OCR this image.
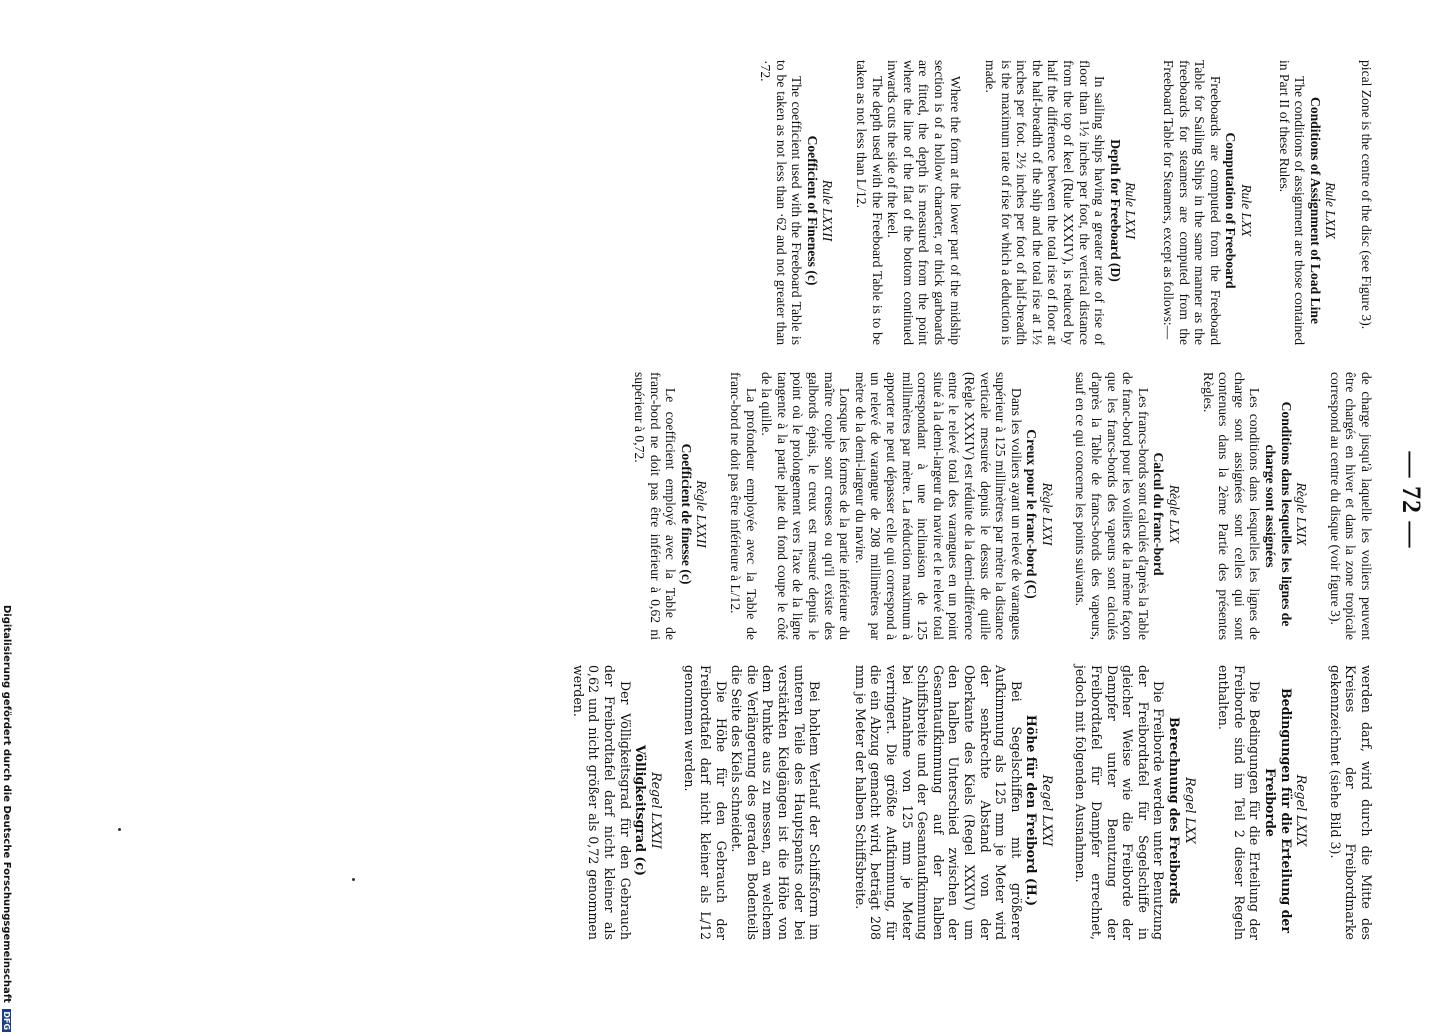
— 72 —

pical Zone is the centre of the disc (see Figure 3).

Rule LXIX

Conditions of Assignment of Load Line

The conditions of assignment are those contained in Part II of these Rules.

Rule LXX

Computation of Freeboard

Freeboards are computed from the Freeboard Table for Sailing Ships in the same manner as the freeboards for steamers are computed from the Freeboard Table for Steamers, except as follows:—

Rule LXXI

Depth for Freeboard (D)

In sailing ships having a greater rate of rise of floor than 1½ inches per foot, the vertical distance from the top of keel (Rule XXXIV), is reduced by half the difference between the total rise of floor at the half-breadth of the ship and the total rise at 1½ inches per foot. 2½ inches per foot of half-breadth is the maximum rate of rise for which a deduction is made.

Where the form at the lower part of the midship section is of a hollow character, or thick garboards are fitted, the depth is measured from the point where the line of the flat of the bottom continued inwards cuts the side of the keel.

The depth used with the Freeboard Table is to be taken as not less than L/12.

Rule LXXII

Coefficient of Fineness (c)

The coefficient used with the Freeboard Table is to be taken as not less than ·62 and not greater than ·72.

de charge jusqu'à laquelle les voiliers peuvent être chargés en hiver et dans la zone tropicale correspond au centre du disque (voir figure 3).

Règle LXIX

Conditions dans lesquelles les lignes de charge sont assignées

Les conditions dans lesquelles les lignes de charge sont assignées sont celles qui sont contenues dans la 2ème Partie des présentes Règles.

Règle LXX

Calcul du franc-bord

Les francs-bords sont calculés d'après la Table de franc-bord pour les voiliers de la même façon que les francs-bords des vapeurs sont calculés d'après la Table de francs-bords des vapeurs, sauf en ce qui concerne les points suivants.

Règle LXXI

Creux pour le franc-bord (C)

Dans les voiliers ayant un relevé de varangues supérieur à 125 millimètres par mètre la distance verticale mesurée depuis le dessus de quille (Règle XXXIV) est réduite de la demi-différence entre le relevé total des varangues en un point situé à la demi-largeur du navire et le relevé total correspondant à une inclinaison de 125 millimètres par mètre. La réduction maximum à apporter ne peut dépasser celle qui correspond à un relevé de varangue de 208 millimètres par mètre de la demi-largeur du navire.

Lorsque les formes de la partie inférieure du maître couple sont creuses ou qu'il existe des galbords épais, le creux est mesuré depuis le point où le prolongement vers l'axe de la ligne tangente à la partie plate du fond coupe le côté de la quille.

La profondeur employée avec la Table de franc-bord ne doit pas être inférieure à L/12.

Règle LXXII

Coefficient de finesse (c)

Le coefficient employé avec la Table de franc-bord ne doit pas être inférieur à 0,62 ni supérieur à 0,72.

werden darf, wird durch die Mitte des Kreises der Freibordmarke gekennzeichnet (siehe Bild 3).

Regel LXIX

Bedingungen für die Erteilung der Freiborde

Die Bedingungen für die Erteilung der Freiborde sind im Teil 2 dieser Regeln enthalten.

Regel LXX

Berechnung des Freibords

Die Freiborde werden unter Benutzung der Freibordtafel für Segelschiffe in gleicher Weise wie die Freiborde der Dampfer unter Benutzung der Freibordtafel für Dampfer errechnet, jedoch mit folgenden Ausnahmen.

Regel LXXI

Höhe für den Freibord (H.)

Bei Segelschiffen mit größerer Aufkimmung als 125 mm je Meter wird der senkrechte Abstand von der Oberkante des Kiels (Regel XXXIV) um den halben Unterschied zwischen der Gesamtaufkimmung auf der halben Schiffsbreite und der Gesamtaufkimmung bei Annahme von 125 mm je Meter verringert. Die größte Aufkimmung, für die ein Abzug gemacht wird, beträgt 208 mm je Meter der halben Schiffsbreite.

Bei hohlem Verlauf der Schiffsform im unteren Teile des Hauptspants oder bei verstärkten Kielgängen ist die Höhe von dem Punkte aus zu messen, an welchem die Verlängerung des geraden Bodenteils die Seite des Kiels schneidet.

Die Höhe für den Gebrauch der Freibordtafel darf nicht kleiner als L/12 genommen werden.

Regel LXXII

Völligkeitsgrad (c)

Der Völligkeitsgrad für den Gebrauch der Freibordtafel darf nicht kleiner als 0,62 und nicht größer als 0,72 genommen werden.

Digitalisierung gefördert durch die Deutsche Forschungsgemeinschaft DFG
